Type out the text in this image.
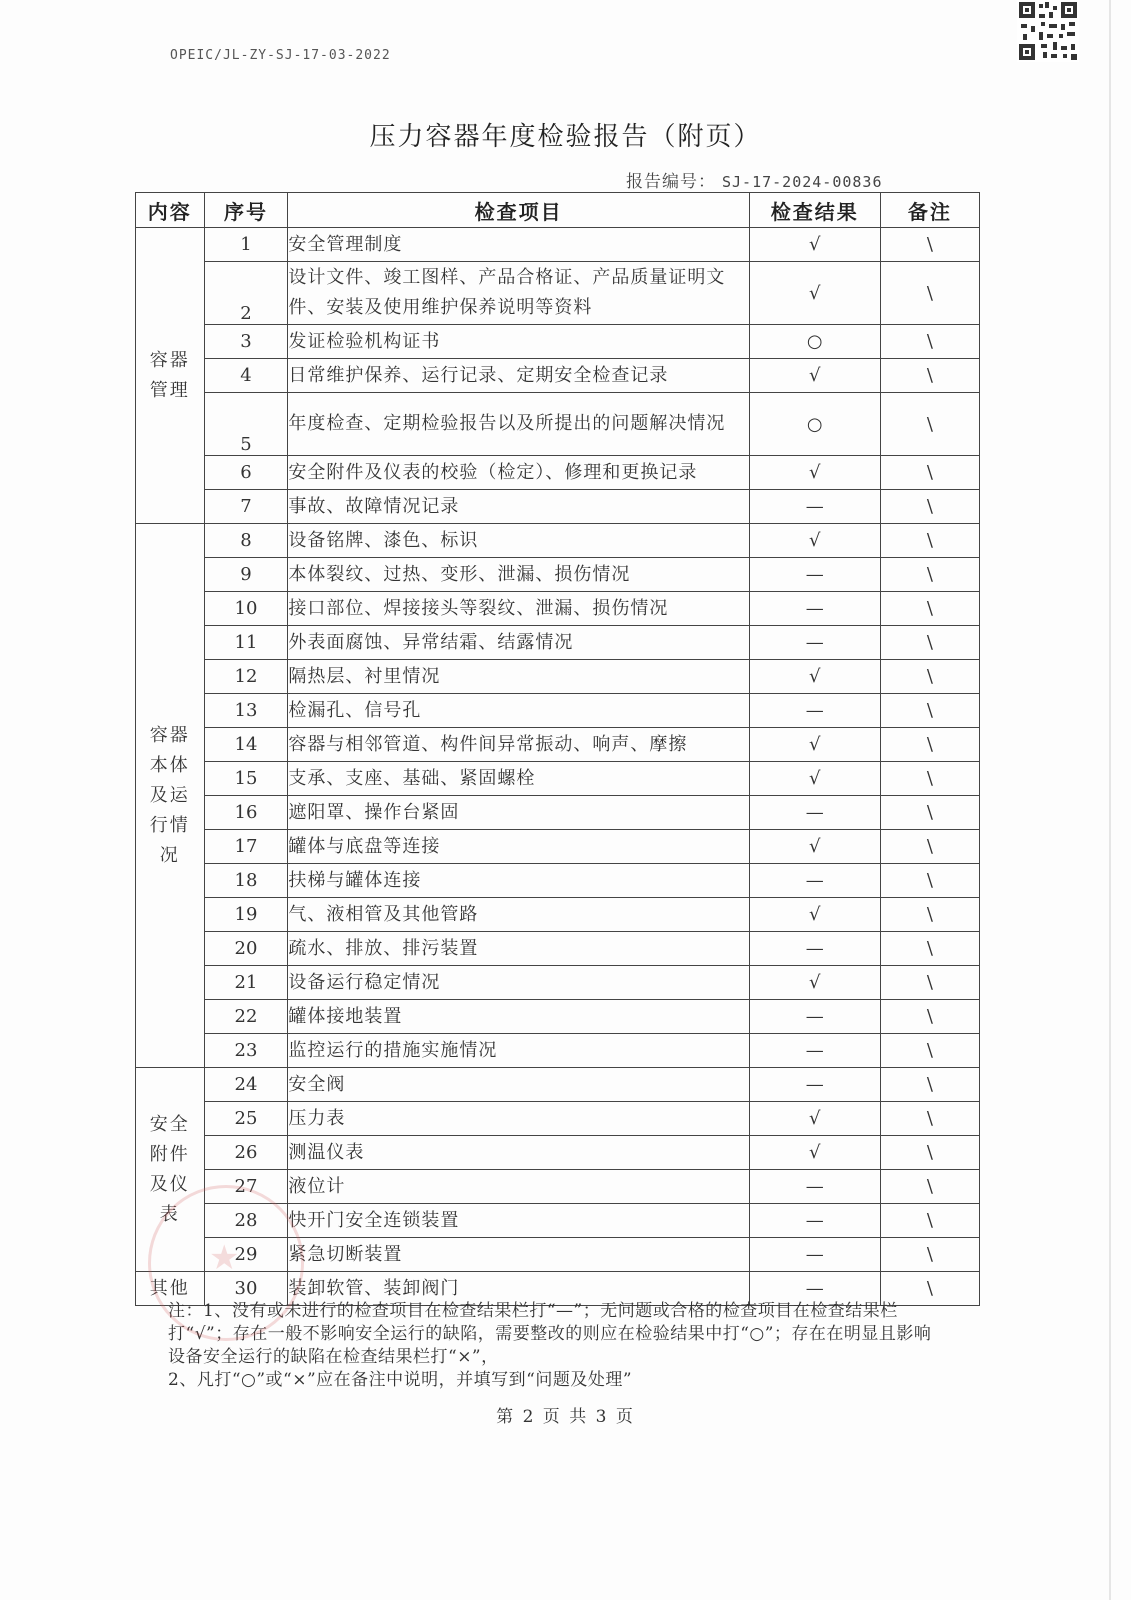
OPEIC/JL-ZY-SJ-17-03-2022
压力容器年度检验报告（附页）
报告编号： SJ-17-2024-00836
内容	序号	检查项目	检查结果	备注
容器
管理	1	安全管理制度	√	\
	2	设计文件、竣工图样、产品合格证、产品质量证明文件、安装及使用维护保养说明等资料	√	\
	3	发证检验机构证书	○	\
	4	日常维护保养、运行记录、定期安全检查记录	√	\
	5	年度检查、定期检验报告以及所提出的问题解决情况	○	\
	6	安全附件及仪表的校验（检定）、修理和更换记录	√	\
	7	事故、故障情况记录	—	\
容器
本体
及运
行情
况	8	设备铭牌、漆色、标识	√	\
	9	本体裂纹、过热、变形、泄漏、损伤情况	—	\
	10	接口部位、焊接接头等裂纹、泄漏、损伤情况	—	\
	11	外表面腐蚀、异常结霜、结露情况	—	\
	12	隔热层、衬里情况	√	\
	13	检漏孔、信号孔	—	\
	14	容器与相邻管道、构件间异常振动、响声、摩擦	√	\
	15	支承、支座、基础、紧固螺栓	√	\
	16	遮阳罩、操作台紧固	—	\
	17	罐体与底盘等连接	√	\
	18	扶梯与罐体连接	—	\
	19	气、液相管及其他管路	√	\
	20	疏水、排放、排污装置	—	\
	21	设备运行稳定情况	√	\
	22	罐体接地装置	—	\
	23	监控运行的措施实施情况	—	\
安全
附件
及仪
表	24	安全阀	—	\
	25	压力表	√	\
	26	测温仪表	√	\
	27	液位计	—	\
	28	快开门安全连锁装置	—	\
	29	紧急切断装置	—	\
其他	30	装卸软管、装卸阀门	—	\

注：1、没有或未进行的检查项目在检查结果栏打“—”；无问题或合格的检查项目在检查结果栏打“√”；存在一般不影响安全运行的缺陷，需要整改的则应在检验结果中打“○”；存在在明显且影响设备安全运行的缺陷在检查结果栏打“×”，

2、凡打“○”或“×”应在备注中说明，并填写到“问题及处理”

第 2 页 共 3 页
★
